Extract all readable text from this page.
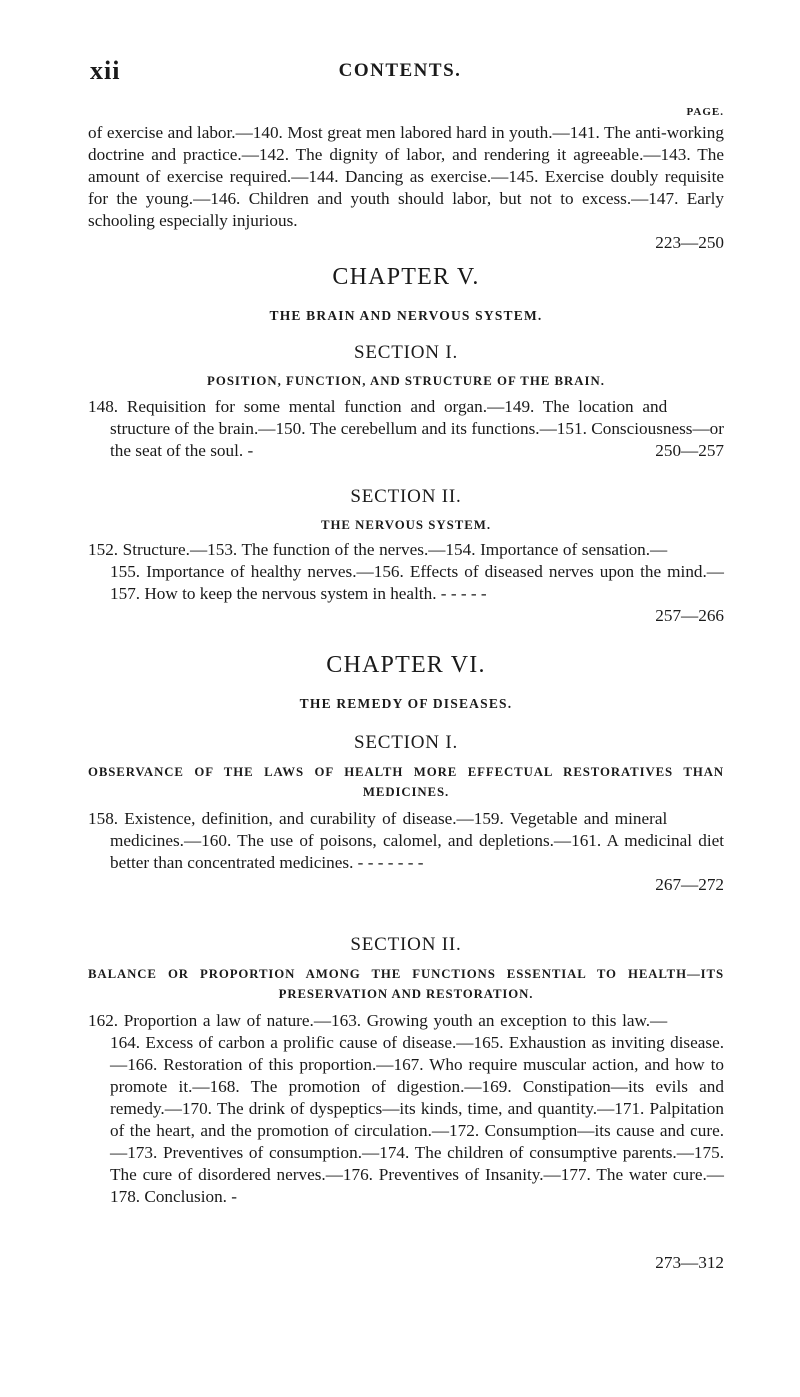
xii	CONTENTS.
PAGE.
of exercise and labor.—140. Most great men labored hard in youth.—141. The anti-working doctrine and practice.—142. The dignity of labor, and rendering it agreeable.—143. The amount of exercise required.—144. Dancing as exercise.—145. Exercise doubly requisite for the young.—146. Children and youth should labor, but not to excess.—147. Early schooling especially injurious.
223—250
CHAPTER V.
THE BRAIN AND NERVOUS SYSTEM.
SECTION I.
POSITION, FUNCTION, AND STRUCTURE OF THE BRAIN.
250—257
148. Requisition for some mental function and organ.—149. The location and structure of the brain.—150. The cerebellum and its functions.—151. Consciousness—or the seat of the soul. -
SECTION II.
THE NERVOUS SYSTEM.
257—266
152. Structure.—153. The function of the nerves.—154. Importance of sensation.—155. Importance of healthy nerves.—156. Effects of diseased nerves upon the mind.—157. How to keep the nervous system in health. - - - - -
CHAPTER VI.
THE REMEDY OF DISEASES.
SECTION I.
OBSERVANCE OF THE LAWS OF HEALTH MORE EFFECTUAL RESTORATIVES THAN MEDICINES.
267—272
158. Existence, definition, and curability of disease.—159. Vegetable and mineral medicines.—160. The use of poisons, calomel, and depletions.—161. A medicinal diet better than concentrated medicines. - - - - - - -
SECTION II.
BALANCE OR PROPORTION AMONG THE FUNCTIONS ESSENTIAL TO HEALTH—ITS PRESERVATION AND RESTORATION.
273—312
162. Proportion a law of nature.—163. Growing youth an exception to this law.—164. Excess of carbon a prolific cause of disease.—165. Exhaustion as inviting disease.—166. Restoration of this proportion.—167. Who require muscular action, and how to promote it.—168. The promotion of digestion.—169. Constipation—its evils and remedy.—170. The drink of dyspeptics—its kinds, time, and quantity.—171. Palpitation of the heart, and the promotion of circulation.—172. Consumption—its cause and cure.—173. Preventives of consumption.—174. The children of consumptive parents.—175. The cure of disordered nerves.—176. Preventives of Insanity.—177. The water cure.—178. Conclusion. -
